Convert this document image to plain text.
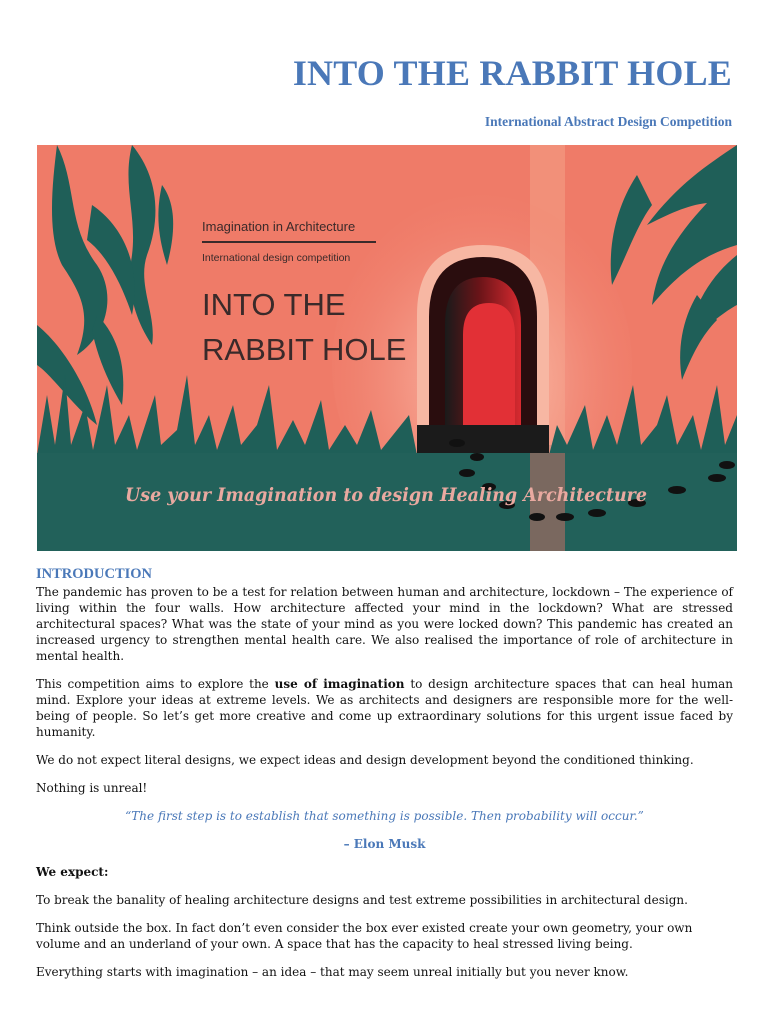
INTO THE RABBIT HOLE
International Abstract Design Competition
Imagination in Architecture
International design competition
INTO THE
RABBIT HOLE
Use your Imagination to design Healing Architecture
INTRODUCTION

The pandemic has proven to be a test for relation between human and architecture, lockdown – The experience of living within the four walls. How architecture affected your mind in the lockdown? What are stressed architectural spaces? What was the state of your mind as you were locked down? This pandemic has created an increased urgency to strengthen mental health care. We also realised the importance of role of architecture in mental health.

This competition aims to explore the use of imagination to design architecture spaces that can heal human mind. Explore your ideas at extreme levels. We as architects and designers are responsible more for the well-being of people. So let’s get more creative and come up extraordinary solutions for this urgent issue faced by humanity.

We do not expect literal designs, we expect ideas and design development beyond the conditioned thinking.

Nothing is unreal!

“The first step is to establish that something is possible. Then probability will occur.”

– Elon Musk

We expect:

To break the banality of healing architecture designs and test extreme possibilities in architectural design.

Think outside the box. In fact don’t even consider the box ever existed create your own geometry, your own volume and an underland of your own. A space that has the capacity to heal stressed living being.

Everything starts with imagination – an idea – that may seem unreal initially but you never know.
